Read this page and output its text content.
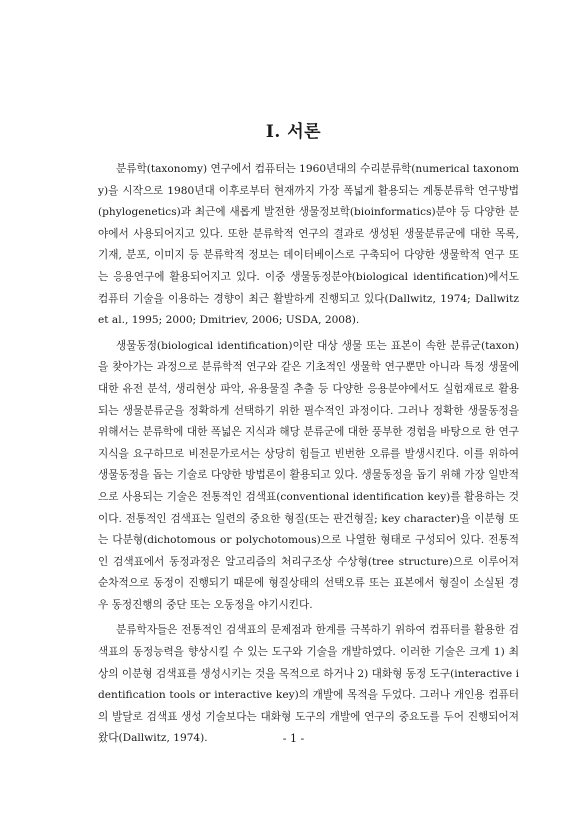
Ⅰ. 서론

분류학(taxonomy) 연구에서 컴퓨터는 1960년대의 수리분류학(numerical taxonomy)을 시작으로 1980년대 이후로부터 현재까지 가장 폭넓게 활용되는 계통분류학 연구방법(phylogenetics)과 최근에 새롭게 발전한 생물정보학(bioinformatics)분야 등 다양한 분야에서 사용되어지고 있다. 또한 분류학적 연구의 결과로 생성된 생물분류군에 대한 목록, 기재, 분포, 이미지 등 분류학적 정보는 데이터베이스로 구축되어 다양한 생물학적 연구 또는 응용연구에 활용되어지고 있다. 이중 생물동정분야(biological identification)에서도 컴퓨터 기술을 이용하는 경향이 최근 활발하게 진행되고 있다(Dallwitz, 1974; Dallwitz et al., 1995; 2000; Dmitriev, 2006; USDA, 2008).

생물동정(biological identification)이란 대상 생물 또는 표본이 속한 분류군(taxon)을 찾아가는 과정으로 분류학적 연구와 같은 기초적인 생물학 연구뿐만 아니라 특정 생물에 대한 유전 분석, 생리현상 파악, 유용물질 추출 등 다양한 응용분야에서도 실험재료로 활용되는 생물분류군을 정확하게 선택하기 위한 필수적인 과정이다. 그러나 정확한 생물동정을 위해서는 분류학에 대한 폭넓은 지식과 해당 분류군에 대한 풍부한 경험을 바탕으로 한 연구지식을 요구하므로 비전문가로서는 상당히 힘들고 빈번한 오류를 발생시킨다. 이를 위하여 생물동정을 돕는 기술로 다양한 방법론이 활용되고 있다. 생물동정을 돕기 위해 가장 일반적으로 사용되는 기술은 전통적인 검색표(conventional identification key)를 활용하는 것이다. 전통적인 검색표는 일련의 중요한 형질(또는 판건형질; key character)을 이분형 또는 다분형(dichotomous or polychotomous)으로 나열한 형태로 구성되어 있다. 전통적인 검색표에서 동정과정은 알고리즘의 처리구조상 수상형(tree structure)으로 이루어져 순차적으로 동정이 진행되기 때문에 형질상태의 선택오류 또는 표본에서 형질이 소실된 경우 동정진행의 중단 또는 오동정을 야기시킨다.

분류학자들은 전통적인 검색표의 문제점과 한계를 극복하기 위하여 컴퓨터를 활용한 검색표의 동정능력을 향상시킬 수 있는 도구와 기술을 개발하였다. 이러한 기술은 크게 1) 최상의 이분형 검색표를 생성시키는 것을 목적으로 하거나 2) 대화형 동정 도구(interactive identification tools or interactive key)의 개발에 목적을 두었다. 그러나 개인용 컴퓨터의 발달로 검색표 생성 기술보다는 대화형 도구의 개발에 연구의 중요도를 두어 진행되어져 왔다(Dallwitz, 1974).	- 1 -
